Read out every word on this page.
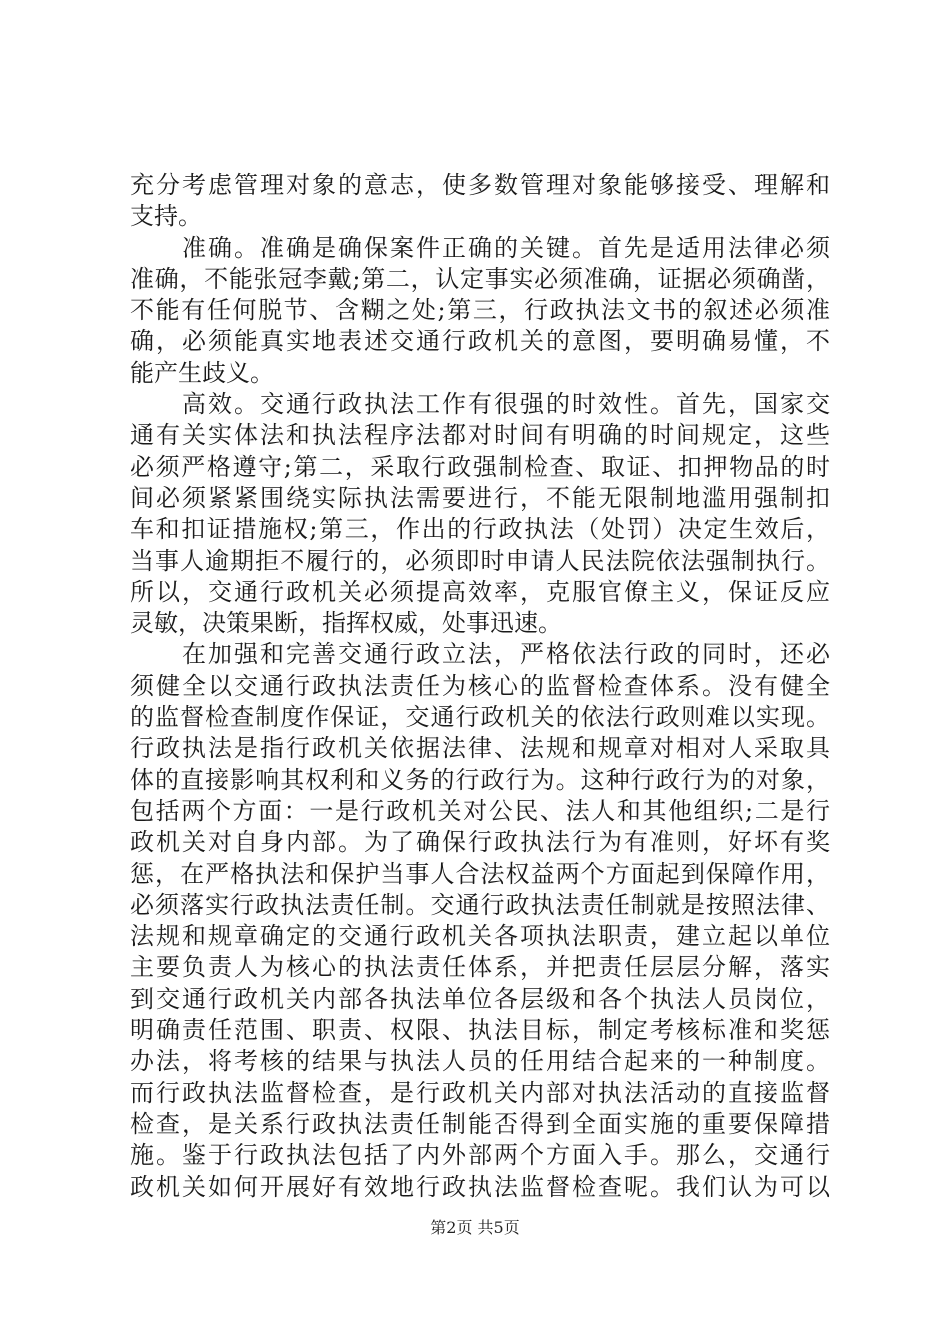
充分考虑管理对象的意志，使多数管理对象能够接受、理解和
支持。
　　准确。准确是确保案件正确的关键。首先是适用法律必须
准确，不能张冠李戴;第二，认定事实必须准确，证据必须确凿，
不能有任何脱节、含糊之处;第三，行政执法文书的叙述必须准
确，必须能真实地表述交通行政机关的意图，要明确易懂，不
能产生歧义。
　　高效。交通行政执法工作有很强的时效性。首先，国家交
通有关实体法和执法程序法都对时间有明确的时间规定，这些
必须严格遵守;第二，采取行政强制检查、取证、扣押物品的时
间必须紧紧围绕实际执法需要进行，不能无限制地滥用强制扣
车和扣证措施权;第三，作出的行政执法（处罚）决定生效后，
当事人逾期拒不履行的，必须即时申请人民法院依法强制执行。
所以，交通行政机关必须提高效率，克服官僚主义，保证反应
灵敏，决策果断，指挥权威，处事迅速。
　　在加强和完善交通行政立法，严格依法行政的同时，还必
须健全以交通行政执法责任为核心的监督检查体系。没有健全
的监督检查制度作保证，交通行政机关的依法行政则难以实现。
行政执法是指行政机关依据法律、法规和规章对相对人采取具
体的直接影响其权利和义务的行政行为。这种行政行为的对象，
包括两个方面：一是行政机关对公民、法人和其他组织;二是行
政机关对自身内部。为了确保行政执法行为有准则，好坏有奖
惩，在严格执法和保护当事人合法权益两个方面起到保障作用，
必须落实行政执法责任制。交通行政执法责任制就是按照法律、
法规和规章确定的交通行政机关各项执法职责，建立起以单位
主要负责人为核心的执法责任体系，并把责任层层分解，落实
到交通行政机关内部各执法单位各层级和各个执法人员岗位，
明确责任范围、职责、权限、执法目标，制定考核标准和奖惩
办法，将考核的结果与执法人员的任用结合起来的一种制度。
而行政执法监督检查，是行政机关内部对执法活动的直接监督
检查，是关系行政执法责任制能否得到全面实施的重要保障措
施。鉴于行政执法包括了内外部两个方面入手。那么，交通行
政机关如何开展好有效地行政执法监督检查呢。我们认为可以
第2页 共5页
